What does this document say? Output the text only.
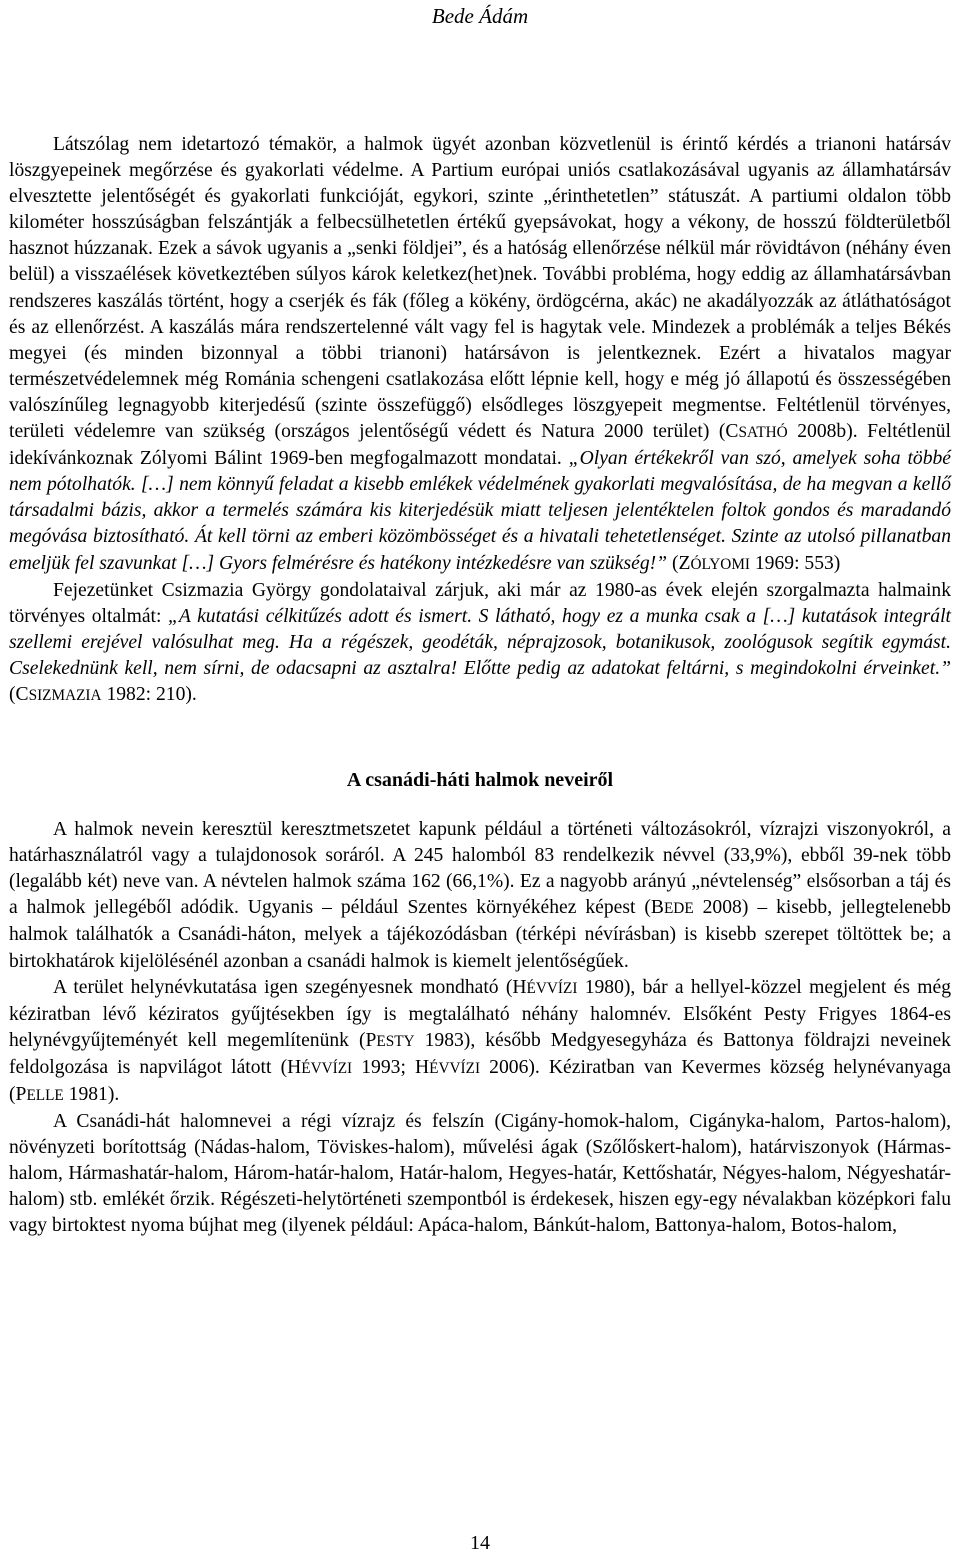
Bede Ádám

Látszólag nem idetartozó témakör, a halmok ügyét azonban közvetlenül is érintő kérdés a trianoni határsáv löszgyepeinek megőrzése és gyakorlati védelme. A Partium európai uniós csatlakozásával ugyanis az államhatársáv elvesztette jelentőségét és gyakorlati funkcióját, egykori, szinte „érinthetetlen” státuszát. A partiumi oldalon több kilométer hosszúságban felszántják a felbecsülhetetlen értékű gyepsávokat, hogy a vékony, de hosszú földterületből hasznot húzzanak. Ezek a sávok ugyanis a „senki földjei”, és a hatóság ellenőrzése nélkül már rövidtávon (néhány éven belül) a visszaélések következtében súlyos károk keletkez(het)nek. További probléma, hogy eddig az államhatársávban rendszeres kaszálás történt, hogy a cserjék és fák (főleg a kökény, ördögcérna, akác) ne akadályozzák az átláthatóságot és az ellenőrzést. A kaszálás mára rendszertelenné vált vagy fel is hagytak vele. Mindezek a problémák a teljes Békés megyei (és minden bizonnyal a többi trianoni) határsávon is jelentkeznek. Ezért a hivatalos magyar természetvédelemnek még Románia schengeni csatlakozása előtt lépnie kell, hogy e még jó állapotú és összességében valószínűleg legnagyobb kiterjedésű (szinte összefüggő) elsődleges löszgyepeit megmentse. Feltétlenül törvényes, területi védelemre van szükség (országos jelentőségű védett és Natura 2000 terület) (CSATHÓ 2008b). Feltétlenül idekívánkoznak Zólyomi Bálint 1969-ben megfogalmazott mondatai. „Olyan értékekről van szó, amelyek soha többé nem pótolhatók. […] nem könnyű feladat a kisebb emlékek védelmének gyakorlati megvalósítása, de ha megvan a kellő társadalmi bázis, akkor a termelés számára kis kiterjedésük miatt teljesen jelentéktelen foltok gondos és maradandó megóvása biztosítható. Át kell törni az emberi közömbösséget és a hivatali tehetetlenséget. Szinte az utolsó pillanatban emeljük fel szavunkat […] Gyors felmérésre és hatékony intézkedésre van szükség!” (ZÓLYOMI 1969: 553)

Fejezetünket Csizmazia György gondolataival zárjuk, aki már az 1980-as évek elején szorgalmazta halmaink törvényes oltalmát: „A kutatási célkitűzés adott és ismert. S látható, hogy ez a munka csak a […] kutatások integrált szellemi erejével valósulhat meg. Ha a régészek, geodéták, néprajzosok, botanikusok, zoológusok segítik egymást. Cselekednünk kell, nem sírni, de odacsapni az asztalra! Előtte pedig az adatokat feltárni, s megindokolni érveinket.” (CSIZMAZIA 1982: 210).

A csanádi-háti halmok neveiről

A halmok nevein keresztül keresztmetszetet kapunk például a történeti változásokról, vízrajzi viszonyokról, a határhasználatról vagy a tulajdonosok soráról. A 245 halomból 83 rendelkezik névvel (33,9%), ebből 39-nek több (legalább két) neve van. A névtelen halmok száma 162 (66,1%). Ez a nagyobb arányú „névtelenség” elsősorban a táj és a halmok jellegéből adódik. Ugyanis – például Szentes környékéhez képest (BEDE 2008) – kisebb, jellegtelenebb halmok találhatók a Csanádi-háton, melyek a tájékozódásban (térképi névírásban) is kisebb szerepet töltöttek be; a birtokhatárok kijelölésénél azonban a csanádi halmok is kiemelt jelentőségűek.

A terület helynévkutatása igen szegényesnek mondható (HÉVVÍZI 1980), bár a hellyel-közzel megjelent és még kéziratban lévő kéziratos gyűjtésekben így is megtalálható néhány halomnév. Elsőként Pesty Frigyes 1864-es helynévgyűjteményét kell megemlítenünk (PESTY 1983), később Medgyesegyháza és Battonya földrajzi neveinek feldolgozása is napvilágot látott (HÉVVÍZI 1993; HÉVVÍZI 2006). Kéziratban van Kevermes község helynévanyaga (PELLE 1981).

A Csanádi-hát halomnevei a régi vízrajz és felszín (Cigány-homok-halom, Cigányka-halom, Partos-halom), növényzeti borítottság (Nádas-halom, Töviskes-halom), művelési ágak (Szőlőskert-halom), határviszonyok (Hármas-halom, Hármashatár-halom, Három-határ-halom, Határ-halom, Hegyes-határ, Kettőshatár, Négyes-halom, Négyeshatár-halom) stb. emlékét őrzik. Régészeti-helytörténeti szempontból is érdekesek, hiszen egy-egy névalakban középkori falu vagy birtoktest nyoma bújhat meg (ilyenek például: Apáca-halom, Bánkút-halom, Battonya-halom, Botos-halom,

14
